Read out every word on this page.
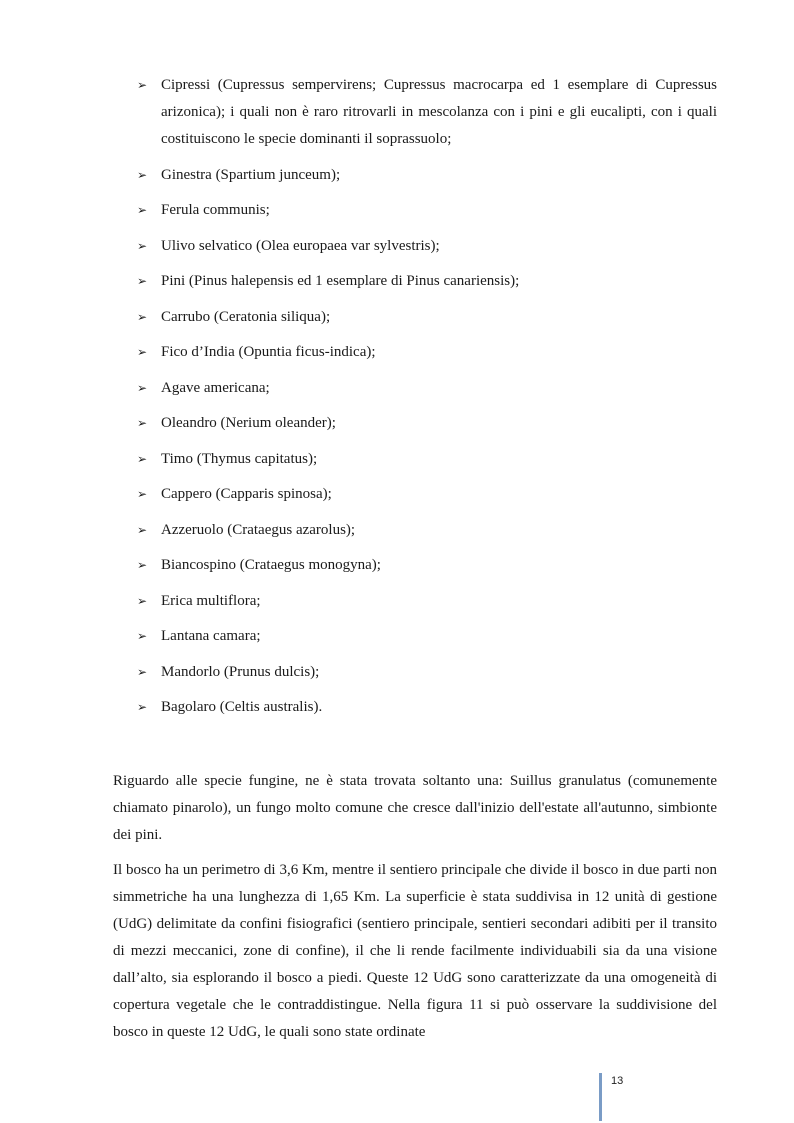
➢ Cipressi (Cupressus sempervirens; Cupressus macrocarpa ed 1 esemplare di Cupressus arizonica); i quali non è raro ritrovarli in mescolanza con i pini e gli eucalipti, con i quali costituiscono le specie dominanti il soprassuolo;
➢ Ginestra (Spartium junceum);
➢ Ferula communis;
➢ Ulivo selvatico (Olea europaea var sylvestris);
➢ Pini (Pinus halepensis ed 1 esemplare di Pinus canariensis);
➢ Carrubo (Ceratonia siliqua);
➢ Fico d’India (Opuntia ficus-indica);
➢ Agave americana;
➢ Oleandro (Nerium oleander);
➢ Timo (Thymus capitatus);
➢ Cappero (Capparis spinosa);
➢ Azzeruolo (Crataegus azarolus);
➢ Biancospino (Crataegus monogyna);
➢ Erica multiflora;
➢ Lantana camara;
➢ Mandorlo (Prunus dulcis);
➢ Bagolaro (Celtis australis).

Riguardo alle specie fungine, ne è stata trovata soltanto una: Suillus granulatus (comunemente chiamato pinarolo), un fungo molto comune che cresce dall'inizio dell'estate all'autunno, simbionte dei pini.

Il bosco ha un perimetro di 3,6 Km, mentre il sentiero principale che divide il bosco in due parti non simmetriche ha una lunghezza di 1,65 Km. La superficie è stata suddivisa in 12 unità di gestione (UdG) delimitate da confini fisiografici (sentiero principale, sentieri secondari adibiti per il transito di mezzi meccanici, zone di confine), il che li rende facilmente individuabili sia da una visione dall’alto, sia esplorando il bosco a piedi. Queste 12 UdG sono caratterizzate da una omogeneità di copertura vegetale che le contraddistingue. Nella figura 11 si può osservare la suddivisione del bosco in queste 12 UdG, le quali sono state ordinate

13
